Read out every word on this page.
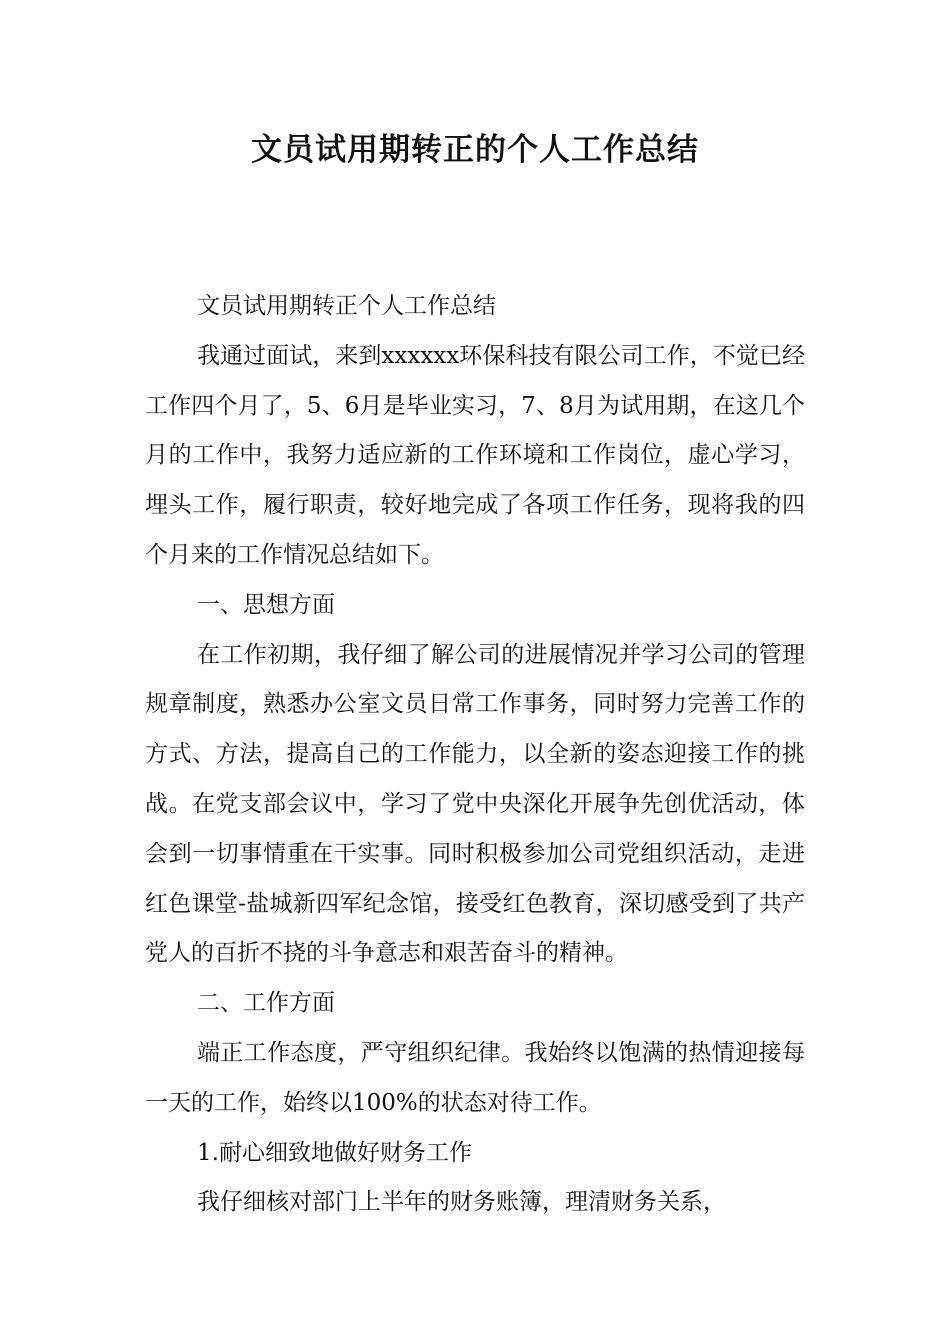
文员试用期转正的个人工作总结

文员试用期转正个人工作总结

我通过面试，来到xxxxxx环保科技有限公司工作，不觉已经工作四个月了，5、6月是毕业实习，7、8月为试用期，在这几个月的工作中，我努力适应新的工作环境和工作岗位，虚心学习，埋头工作，履行职责，较好地完成了各项工作任务，现将我的四个月来的工作情况总结如下。

一、思想方面

在工作初期，我仔细了解公司的进展情况并学习公司的管理规章制度，熟悉办公室文员日常工作事务，同时努力完善工作的方式、方法，提高自己的工作能力，以全新的姿态迎接工作的挑战。在党支部会议中，学习了党中央深化开展争先创优活动，体会到一切事情重在干实事。同时积极参加公司党组织活动，走进红色课堂-盐城新四军纪念馆，接受红色教育，深切感受到了共产党人的百折不挠的斗争意志和艰苦奋斗的精神。

二、工作方面

端正工作态度，严守组织纪律。我始终以饱满的热情迎接每一天的工作，始终以100%的状态对待工作。

1.耐心细致地做好财务工作

我仔细核对部门上半年的财务账簿，理清财务关系，
